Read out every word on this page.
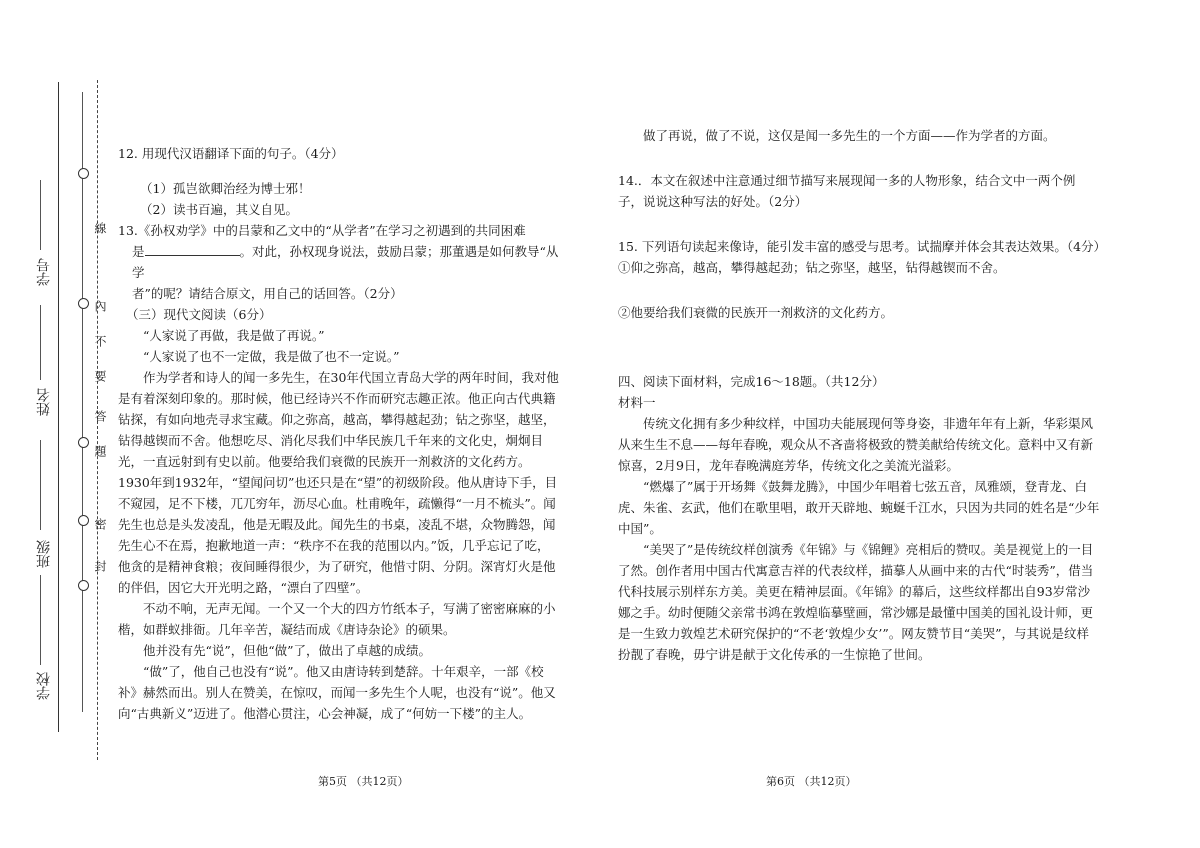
線
內
不
要
答
題
密
封
学号
姓名
班级
学校

12. 用现代汉语翻译下面的句子。（4分）

（1）孤岂欲卿治经为博士邪！

（2）读书百遍，其义自见。

13.《孙权劝学》中的吕蒙和乙文中的“从学者”在学习之初遇到的共同困难

是	。对此，孙权现身说法，鼓励吕蒙；那董遇是如何教导“从学

者”的呢？请结合原文，用自己的话回答。（2分）

（三）现代文阅读（6分）

“人家说了再做，我是做了再说。”

“人家说了也不一定做，我是做了也不一定说。”

作为学者和诗人的闻一多先生，在30年代国立青岛大学的两年时间，我对他是有着深刻印象的。那时候，他已经诗兴不作而研究志趣正浓。他正向古代典籍钻探，有如向地壳寻求宝藏。仰之弥高，越高，攀得越起劲；钻之弥坚，越坚，钻得越锲而不舍。他想吃尽、消化尽我们中华民族几千年来的文化史，炯炯目光，一直远射到有史以前。他要给我们衰微的民族开一剂救济的文化药方。1930年到1932年，“望闻问切”也还只是在“望”的初级阶段。他从唐诗下手，目不窥园，足不下楼，兀兀穷年，沥尽心血。杜甫晚年，疏懒得“一月不梳头”。闻先生也总是头发凌乱，他是无暇及此。闻先生的书桌，凌乱不堪，众物腾怨，闻先生心不在焉，抱歉地道一声：“秩序不在我的范围以内。”饭，几乎忘记了吃，他贪的是精神食粮；夜间睡得很少，为了研究，他惜寸阴、分阴。深宵灯火是他的伴侣，因它大开光明之路，“漂白了四壁”。

不动不响，无声无闻。一个又一个大的四方竹纸本子，写满了密密麻麻的小楷，如群蚁排衙。几年辛苦，凝结而成《唐诗杂论》的硕果。

他并没有先“说”，但他“做”了，做出了卓越的成绩。

“做”了，他自己也没有“说”。他又由唐诗转到楚辞。十年艰辛，一部《校补》赫然而出。别人在赞美，在惊叹，而闻一多先生个人呢，也没有“说”。他又向“古典新义”迈进了。他潜心贯注，心会神凝，成了“何妨一下楼”的主人。

做了再说，做了不说，这仅是闻一多先生的一个方面——作为学者的方面。

14.．本文在叙述中注意通过细节描写来展现闻一多的人物形象，结合文中一两个例子，说说这种写法的好处。（2分）

15. 下列语句读起来像诗，能引发丰富的感受与思考。试揣摩并体会其表达效果。（4分）

①仰之弥高，越高，攀得越起劲；钻之弥坚，越坚，钻得越锲而不舍。

②他要给我们衰微的民族开一剂救济的文化药方。

四、阅读下面材料，完成16～18题。（共12分）

材料一

传统文化拥有多少种纹样，中国功夫能展现何等身姿，非遗年年有上新，华彩渠风从来生生不息——每年春晚，观众从不吝啬将极致的赞美献给传统文化。意料中又有新惊喜，2月9日，龙年春晚满庭芳华，传统文化之美流光溢彩。

“燃爆了”属于开场舞《鼓舞龙腾》，中国少年唱着七弦五音，凤雅颂，登青龙、白虎、朱雀、玄武，他们在歌里唱，敢开天辟地、蜿蜒千江水，只因为共同的姓名是“少年中国”。

“美哭了”是传统纹样创演秀《年锦》与《锦鲤》亮相后的赞叹。美是视觉上的一目了然。创作者用中国古代寓意吉祥的代表纹样，描摹人从画中来的古代“时装秀”，借当代科技展示别样东方美。美更在精神层面。《年锦》的幕后，这些纹样都出自93岁常沙娜之手。幼时便随父亲常书鸿在敦煌临摹壁画，常沙娜是最懂中国美的国礼设计师，更是一生致力敦煌艺术研究保护的“不老‘敦煌少女’”。网友赞节目“美哭”，与其说是纹样扮靓了春晚，毋宁讲是献于文化传承的一生惊艳了世间。

第5页 （共12页）	第6页 （共12页）
